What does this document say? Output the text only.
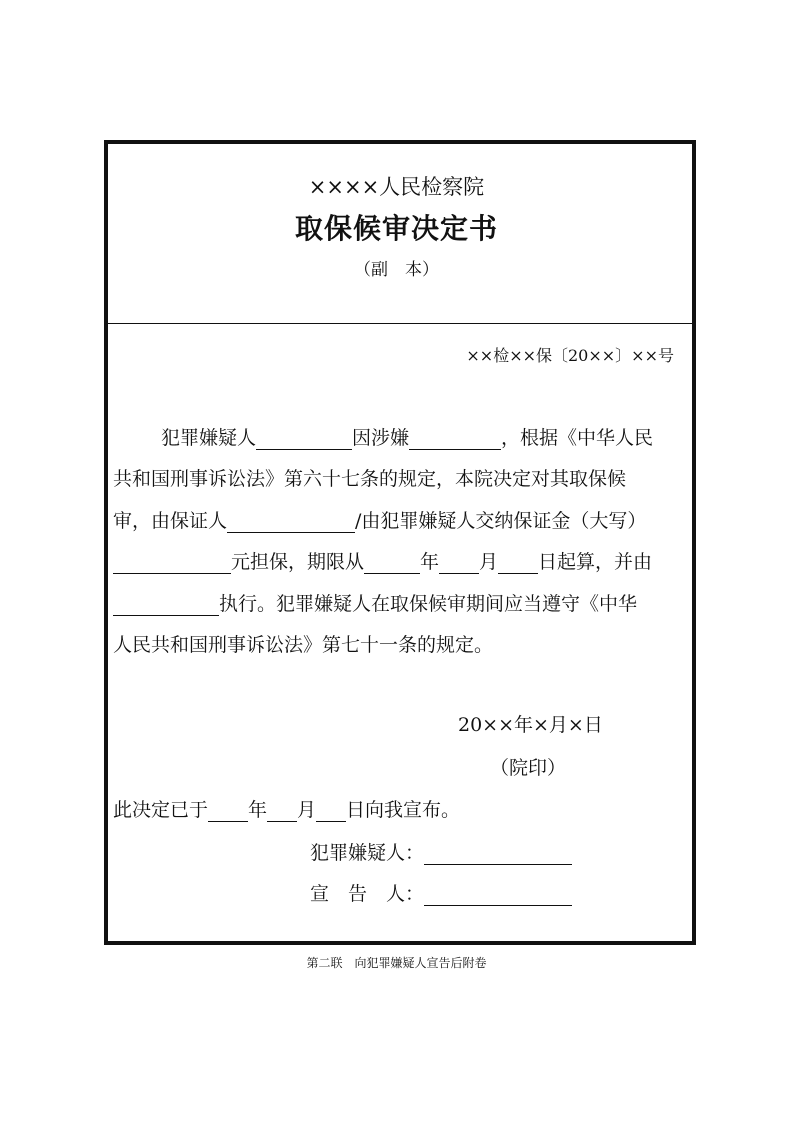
××××人民检察院
取保候审决定书
（副　本）
××检××保〔20××〕××号
犯罪嫌疑人	因涉嫌	，根据《中华人民
共和国刑事诉讼法》第六十七条的规定，本院决定对其取保候
审，由保证人	/由犯罪嫌疑人交纳保证金（大写）
元担保，期限从	年 月 日起算，并由
执行。犯罪嫌疑人在取保候审期间应当遵守《中华
人民共和国刑事诉讼法》第七十一条的规定。
20××年×月×日
（院印）
此决定已于 年 月 日向我宣布。
犯罪嫌疑人：
宣　告　人：
第二联　向犯罪嫌疑人宣告后附卷
